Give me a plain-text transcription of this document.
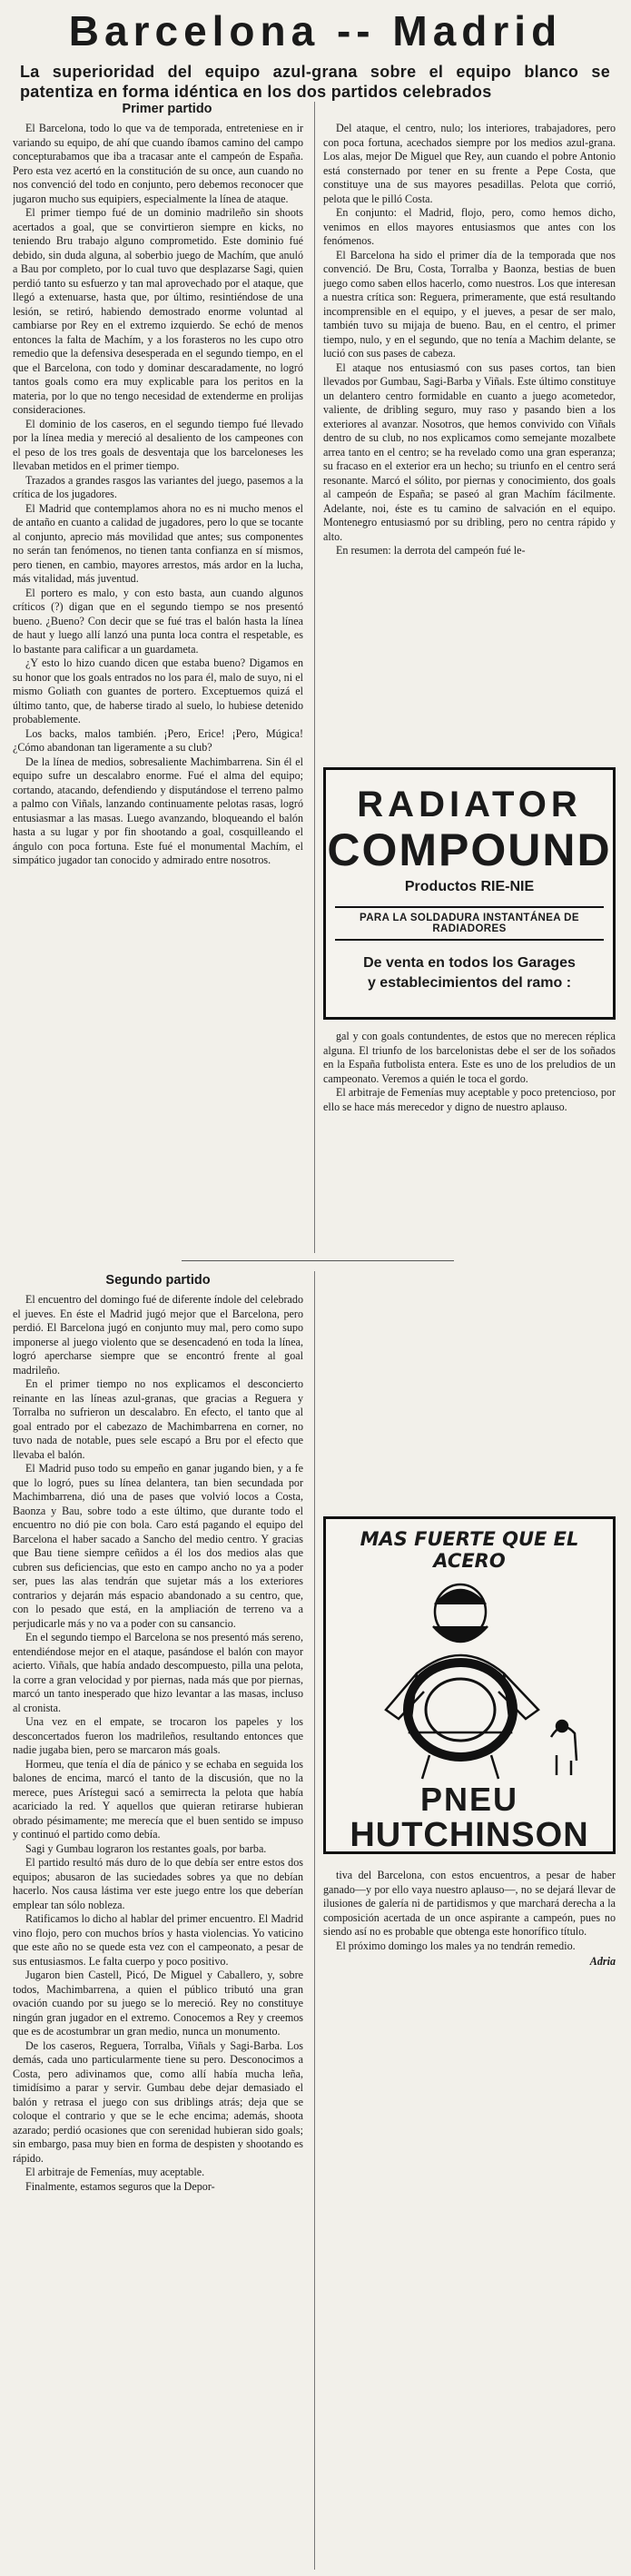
Barcelona -- Madrid
La superioridad del equipo azul-grana sobre el equipo blanco se patentiza en forma idéntica en los dos partidos celebrados
Primer partido

El Barcelona, todo lo que va de temporada, entreteniese en ir variando su equipo, de ahí que cuando íbamos camino del campo concepturabamos que iba a tracasar ante el campeón de España. Pero esta vez acertó en la constitución de su once, aun cuando no nos convenció del todo en conjunto, pero debemos reconocer que jugaron mucho sus equipiers, especialmente la línea de ataque.

El primer tiempo fué de un dominio madrileño sin shoots acertados a goal, que se convirtieron siempre en kicks, no teniendo Bru trabajo alguno comprometido. Este dominio fué debido, sin duda alguna, al soberbio juego de Machím, que anuló a Bau por completo, por lo cual tuvo que desplazarse Sagi, quien perdió tanto su esfuerzo y tan mal aprovechado por el ataque, que llegó a extenuarse, hasta que, por último, resintiéndose de una lesión, se retiró, habiendo demostrado enorme voluntad al cambiarse por Rey en el extremo izquierdo. Se echó de menos entonces la falta de Machím, y a los forasteros no les cupo otro remedio que la defensiva desesperada en el segundo tiempo, en el que el Barcelona, con todo y dominar descaradamente, no logró tantos goals como era muy explicable para los peritos en la materia, por lo que no tengo necesidad de extenderme en prolijas consideraciones.

El dominio de los caseros, en el segundo tiempo fué llevado por la línea media y mereció al desaliento de los campeones con el peso de los tres goals de desventaja que los barceloneses les llevaban metidos en el primer tiempo.

Trazados a grandes rasgos las variantes del juego, pasemos a la crítica de los jugadores.

El Madrid que contemplamos ahora no es ni mucho menos el de antaño en cuanto a calidad de jugadores, pero lo que se tocante al conjunto, aprecio más movilidad que antes; sus componentes no serán tan fenómenos, no tienen tanta confianza en sí mismos, pero tienen, en cambio, mayores arrestos, más ardor en la lucha, más vitalidad, más juventud.

El portero es malo, y con esto basta, aun cuando algunos críticos (?) digan que en el segundo tiempo se nos presentó bueno. ¿Bueno? Con decir que se fué tras el balón hasta la línea de haut y luego allí lanzó una punta loca contra el respetable, es lo bastante para calificar a un guardameta.

¿Y esto lo hizo cuando dicen que estaba bueno? Digamos en su honor que los goals entrados no los para él, malo de suyo, ni el mismo Goliath con guantes de portero. Exceptuemos quizá el último tanto, que, de haberse tirado al suelo, lo hubiese detenido probablemente.

Los backs, malos también. ¡Pero, Erice! ¡Pero, Múgica! ¿Cómo abandonan tan ligeramente a su club?

De la línea de medios, sobresaliente Machimbarrena. Sin él el equipo sufre un descalabro enorme. Fué el alma del equipo; cortando, atacando, defendiendo y disputándose el terreno palmo a palmo con Viñals, lanzando continuamente pelotas rasas, logró entusiasmar a las masas. Luego avanzando, bloqueando el balón hasta a su lugar y por fin shootando a goal, cosquilleando el ángulo con poca fortuna. Este fué el monumental Machím, el simpático jugador tan conocido y admirado entre nosotros.

Del ataque, el centro, nulo; los interiores, trabajadores, pero con poca fortuna, acechados siempre por los medios azul-grana. Los alas, mejor De Miguel que Rey, aun cuando el pobre Antonio está consternado por tener en su frente a Pepe Costa, que constituye una de sus mayores pesadillas. Pelota que corrió, pelota que le pilló Costa.

En conjunto: el Madrid, flojo, pero, como hemos dicho, venimos en ellos mayores entusiasmos que antes con los fenómenos.

El Barcelona ha sido el primer día de la temporada que nos convenció. De Bru, Costa, Torralba y Baonza, bestias de buen juego como saben ellos hacerlo, como nuestros. Los que interesan a nuestra crítica son: Reguera, primeramente, que está resultando incomprensible en el equipo, y el jueves, a pesar de ser malo, también tuvo su mijaja de bueno. Bau, en el centro, el primer tiempo, nulo, y en el segundo, que no tenía a Machim delante, se lució con sus pases de cabeza.

El ataque nos entusiasmó con sus pases cortos, tan bien llevados por Gumbau, Sagi-Barba y Viñals. Este último constituye un delantero centro formidable en cuanto a juego acometedor, valiente, de dribling seguro, muy raso y pasando bien a los exteriores al avanzar. Nosotros, que hemos convivido con Viñals dentro de su club, no nos explicamos como semejante mozalbete arrea tanto en el centro; se ha revelado como una gran esperanza; su fracaso en el exterior era un hecho; su triunfo en el centro será resonante. Marcó el sólito, por piernas y conocimiento, dos goals al campeón de España; se paseó al gran Machím fácilmente. Adelante, noi, éste es tu camino de salvación en el equipo. Montenegro entusiasmó por su dribling, pero no centra rápido y alto.

En resumen: la derrota del campeón fué le-

RADIATOR
COMPOUND
Productos RIE-NIE
PARA LA SOLDADURA INSTANTÁNEA DE RADIADORES
De venta en todos los Garages
y establecimientos del ramo :

gal y con goals contundentes, de estos que no merecen réplica alguna. El triunfo de los barcelonistas debe el ser de los soñados en la España futbolista entera. Este es uno de los preludios de un campeonato. Veremos a quién le toca el gordo.

El arbitraje de Femenías muy aceptable y poco pretencioso, por ello se hace más merecedor y digno de nuestro aplauso.

Segundo partido

El encuentro del domingo fué de diferente índole del celebrado el jueves. En éste el Madrid jugó mejor que el Barcelona, pero perdió. El Barcelona jugó en conjunto muy mal, pero como supo imponerse al juego violento que se desencadenó en toda la línea, logró apercharse siempre que se encontró frente al goal madrileño.

En el primer tiempo no nos explicamos el desconcierto reinante en las líneas azul-granas, que gracias a Reguera y Torralba no sufrieron un descalabro. En efecto, el tanto que al goal entrado por el cabezazo de Machimbarrena en corner, no tuvo nada de notable, pues sele escapó a Bru por el efecto que llevaba el balón.

El Madrid puso todo su empeño en ganar jugando bien, y a fe que lo logró, pues su línea delantera, tan bien secundada por Machimbarrena, dió una de pases que volvió locos a Costa, Baonza y Bau, sobre todo a este último, que durante todo el encuentro no dió pie con bola. Caro está pagando el equipo del Barcelona el haber sacado a Sancho del medio centro. Y gracias que Bau tiene siempre ceñidos a él los dos medios alas que cubren sus deficiencias, que esto en campo ancho no ya a poder ser, pues las alas tendrán que sujetar más a los exteriores contrarios y dejarán más espacio abandonado a su centro, que, con lo pesado que está, en la ampliación de terreno va a perjudicarle más y no va a poder con su cansancio.

En el segundo tiempo el Barcelona se nos presentó más sereno, entendiéndose mejor en el ataque, pasándose el balón con mayor acierto. Viñals, que había andado descompuesto, pilla una pelota, la corre a gran velocidad y por piernas, nada más que por piernas, marcó un tanto inesperado que hizo levantar a las masas, incluso al cronista.

Una vez en el empate, se trocaron los papeles y los desconcertados fueron los madrileños, resultando entonces que nadie jugaba bien, pero se marcaron más goals.

Hormeu, que tenía el día de pánico y se echaba en seguida los balones de encima, marcó el tanto de la discusión, que no la merece, pues Arístegui sacó a semirrecta la pelota que había acariciado la red. Y aquellos que quieran retirarse hubieran obrado pésimamente; me merecía que el buen sentido se impuso y continuó el partido como debía.

Sagi y Gumbau lograron los restantes goals, por barba.

El partido resultó más duro de lo que debía ser entre estos dos equipos; abusaron de las suciedades sobres ya que no debían hacerlo. Nos causa lástima ver este juego entre los que deberían emplear tan sólo nobleza.

Ratificamos lo dicho al hablar del primer encuentro. El Madrid vino flojo, pero con muchos bríos y hasta violencias. Yo vaticino que este año no se quede esta vez con el campeonato, a pesar de sus entusiasmos. Le falta cuerpo y poco positivo.

Jugaron bien Castell, Picó, De Miguel y Caballero, y, sobre todos, Machimbarrena, a quien el público tributó una gran ovación cuando por su juego se lo mereció. Rey no constituye ningún gran jugador en el extremo. Conocemos a Rey y creemos que es de acostumbrar un gran medio, nunca un monumento.

De los caseros, Reguera, Torralba, Viñals y Sagi-Barba. Los demás, cada uno particularmente tiene su pero. Desconocimos a Costa, pero adivinamos que, como allí había mucha leña, timidísimo a parar y servir. Gumbau debe dejar demasiado el balón y retrasa el juego con sus driblings atrás; deja que se coloque el contrario y que se le eche encima; además, shoota azarado; perdió ocasiones que con serenidad hubieran sido goals; sin embargo, pasa muy bien en forma de despisten y shootando es rápido.

El arbitraje de Femenías, muy aceptable.

Finalmente, estamos seguros que la Depor-

MAS FUERTE QUE EL ACERO
PNEU
HUTCHINSON

tiva del Barcelona, con estos encuentros, a pesar de haber ganado—y por ello vaya nuestro aplauso—, no se dejará llevar de ilusiones de galería ni de partidismos y que marchará derecha a la composición acertada de un once aspirante a campeón, pues no siendo así no es probable que obtenga este honorífico título.

El próximo domingo los males ya no tendrán remedio.

Adria
